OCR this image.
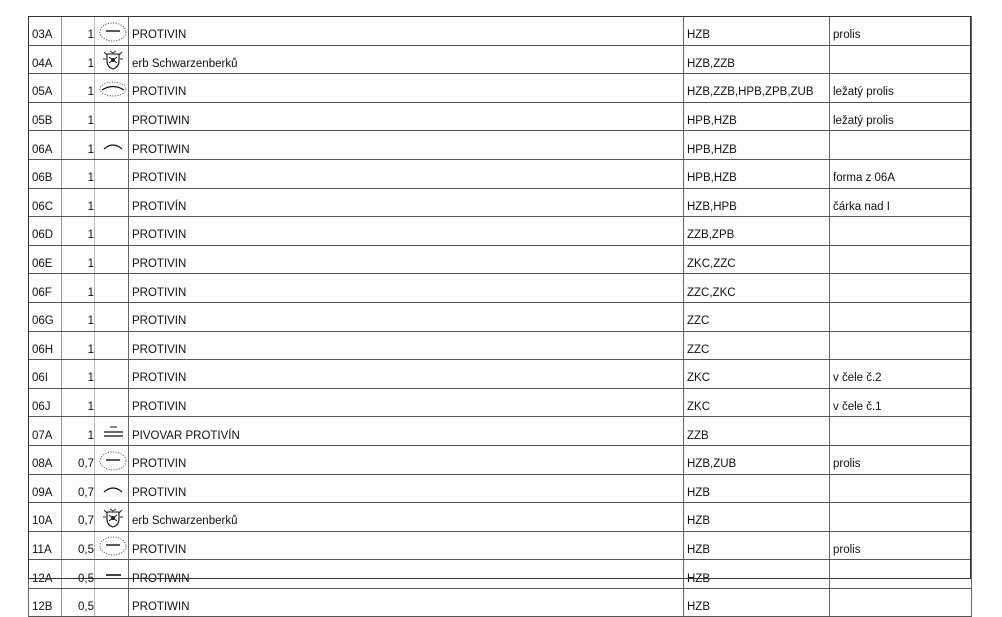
03A	1		PROTIVIN	HZB	prolis
04A	1		erb Schwarzenberků	HZB,ZZB	
05A	1		PROTIVIN	HZB,ZZB,HPB,ZPB,ZUB	ležatý prolis
05B	1		PROTIWIN	HPB,HZB	ležatý prolis
06A	1		PROTIWIN	HPB,HZB	
06B	1		PROTIVIN	HPB,HZB	forma z 06A
06C	1		PROTIVÍN	HZB,HPB	čárka nad I
06D	1		PROTIVIN	ZZB,ZPB	
06E	1		PROTIVIN	ZKC,ZZC	
06F	1		PROTIVIN	ZZC,ZKC	
06G	1		PROTIVIN	ZZC	
06H	1		PROTIVIN	ZZC	
06I	1		PROTIVIN	ZKC	v čele č.2
06J	1		PROTIVIN	ZKC	v čele č.1
07A	1		PIVOVAR PROTIVÍN	ZZB	
08A	0,7		PROTIVIN	HZB,ZUB	prolis
09A	0,7		PROTIVIN	HZB	
10A	0,7		erb Schwarzenberků	HZB	
11A	0,5		PROTIVIN	HZB	prolis
12A	0,5		PROTIWIN	HZB	
12B	0,5		PROTIWIN	HZB	
